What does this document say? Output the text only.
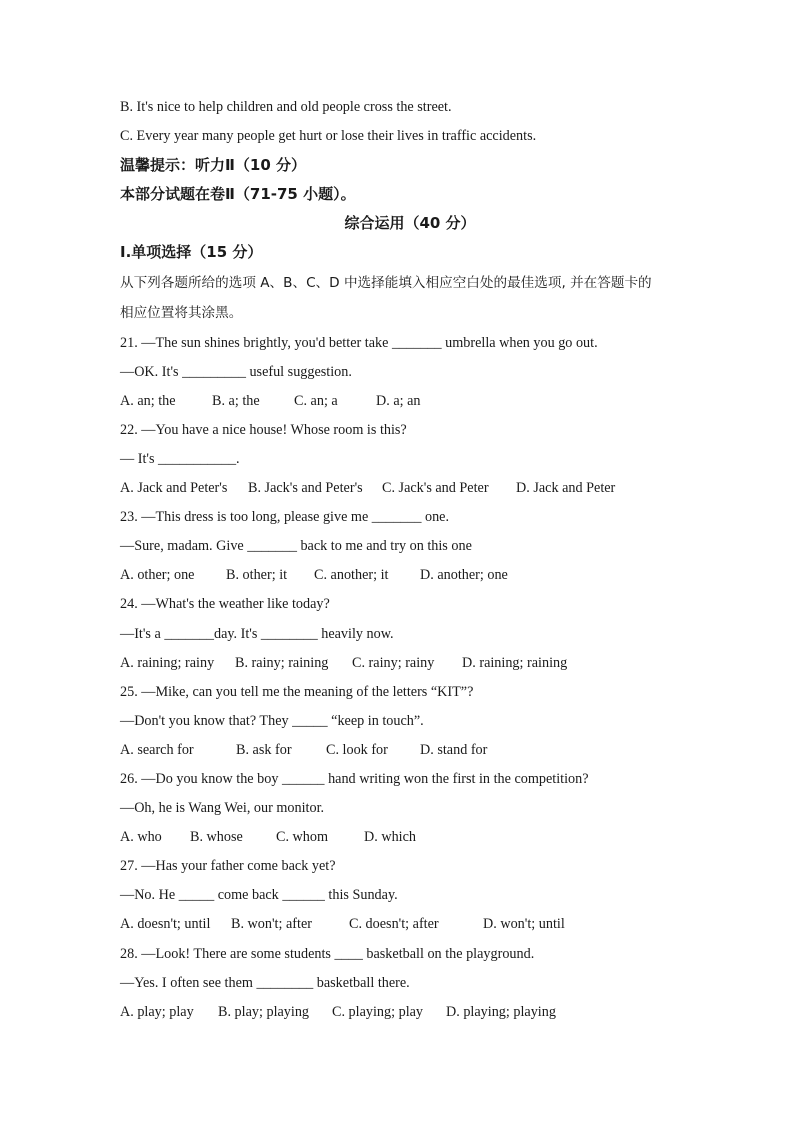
B. It's nice to help children and old people cross the street.
C. Every year many people get hurt or lose their lives in traffic accidents.
温馨提示：听力Ⅱ（10 分）
本部分试题在卷Ⅱ（71-75 小题）。
综合运用（40 分）
Ⅰ.单项选择（15 分）
从下列各题所给的选项 A、B、C、D 中选择能填入相应空白处的最佳选项, 并在答题卡的
相应位置将其涂黑。
21. —The sun shines brightly, you'd better take _______ umbrella when you go out.
—OK. It's _________ useful suggestion.
A. an; the	B. a; the C. an; a	D. a; an
22. —You have a nice house! Whose room is this?
— It's ___________.
A. Jack and Peter's B. Jack's and Peter's C. Jack's and Peter D. Jack and Peter
23. —This dress is too long, please give me _______ one.
—Sure, madam. Give _______ back to me and try on this one
A. other; one B. other; it C. another; it D. another; one
24. —What's the weather like today?
—It's a _______day. It's ________ heavily now.
A. raining; rainy B. rainy; raining C. rainy; rainy D. raining; raining
25. —Mike, can you tell me the meaning of the letters “KIT”?
—Don't you know that? They _____ “keep in touch”.
A. search for	B. ask for C. look for D. stand for
26. —Do you know the boy ______ hand writing won the first in the competition?
—Oh, he is Wang Wei, our monitor.
A. who B. whose C. whom	D. which
27. —Has your father come back yet?
—No. He _____ come back ______ this Sunday.
A. doesn't; until B. won't; after	C. doesn't; after	D. won't; until
28. —Look! There are some students ____ basketball on the playground.
—Yes. I often see them ________ basketball there.
A. play; play B. play; playing C. playing; play D. playing; playing
